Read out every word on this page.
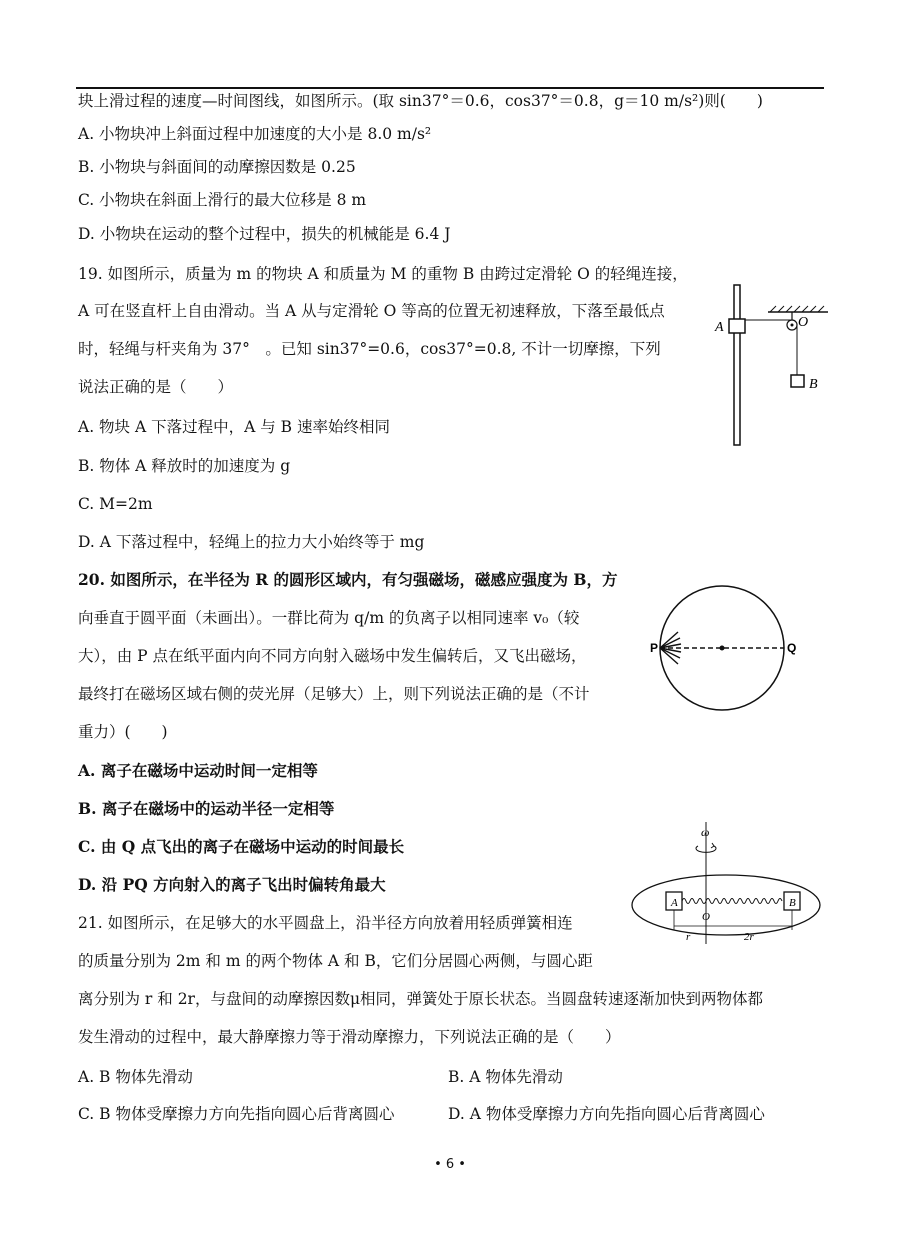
块上滑过程的速度—时间图线，如图所示。(取 sin37°＝0.6，cos37°＝0.8，g＝10 m/s²)则(　　)
A. 小物块冲上斜面过程中加速度的大小是 8.0 m/s²
B. 小物块与斜面间的动摩擦因数是 0.25
C. 小物块在斜面上滑行的最大位移是 8 m
D. 小物块在运动的整个过程中，损失的机械能是 6.4 J
19. 如图所示，质量为 m 的物块 A 和质量为 M 的重物 B 由跨过定滑轮 O 的轻绳连接，
A 可在竖直杆上自由滑动。当 A 从与定滑轮 O 等高的位置无初速释放，下落至最低点
时，轻绳与杆夹角为 37°　。已知 sin37°=0.6，cos37°=0.8, 不计一切摩擦，下列
说法正确的是（　　）
A. 物块 A 下落过程中，A 与 B 速率始终相同
B. 物体 A 释放时的加速度为 g
C. M=2m
D. A 下落过程中，轻绳上的拉力大小始终等于 mg
A	O
B
20. 如图所示，在半径为 R 的圆形区域内，有匀强磁场，磁感应强度为 B，方
向垂直于圆平面（未画出）。一群比荷为 q/m 的负离子以相同速率 v₀（较
大），由 P 点在纸平面内向不同方向射入磁场中发生偏转后，又飞出磁场，
最终打在磁场区域右侧的荧光屏（足够大）上，则下列说法正确的是（不计
重力）(　　)
A. 离子在磁场中运动时间一定相等
B. 离子在磁场中的运动半径一定相等
C. 由 Q 点飞出的离子在磁场中运动的时间最长
D. 沿 PQ 方向射入的离子飞出时偏转角最大
P	Q
21. 如图所示，在足够大的水平圆盘上，沿半径方向放着用轻质弹簧相连
的质量分别为 2m 和 m 的两个物体 A 和 B，它们分居圆心两侧，与圆心距
离分别为 r 和 2r，与盘间的动摩擦因数μ相同，弹簧处于原长状态。当圆盘转速逐渐加快到两物体都
发生滑动的过程中，最大静摩擦力等于滑动摩擦力，下列说法正确的是（　　）
A. B 物体先滑动	B. A 物体先滑动
C. B 物体受摩擦力方向先指向圆心后背离圆心	D. A 物体受摩擦力方向先指向圆心后背离圆心
ω
A	B
O
r	2r
• 6 •
